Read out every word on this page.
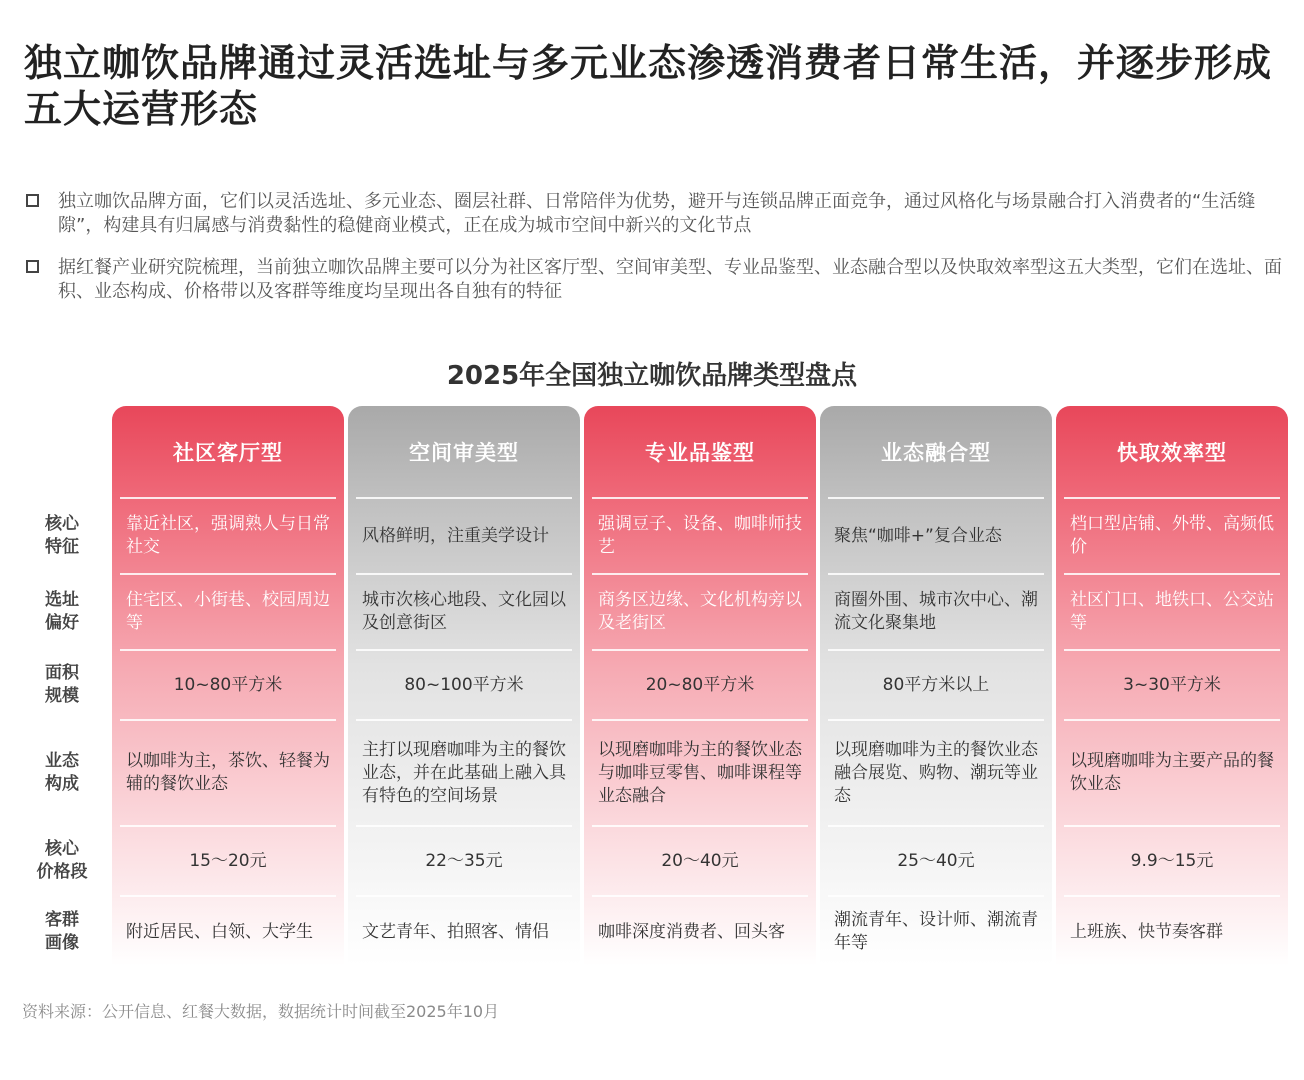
独立咖饮品牌通过灵活选址与多元业态渗透消费者日常生活，并逐步形成五大运营形态
独立咖饮品牌方面，它们以灵活选址、多元业态、圈层社群、日常陪伴为优势，避开与连锁品牌正面竞争，通过风格化与场景融合打入消费者的“生活缝隙”，构建具有归属感与消费黏性的稳健商业模式，正在成为城市空间中新兴的文化节点
据红餐产业研究院梳理，当前独立咖饮品牌主要可以分为社区客厅型、空间审美型、专业品鉴型、业态融合型以及快取效率型这五大类型，它们在选址、面积、业态构成、价格带以及客群等维度均呈现出各自独有的特征
2025年全国独立咖饮品牌类型盘点
核心
特征
选址
偏好
面积
规模
业态
构成
核心
价格段
客群
画像
社区客厅型
靠近社区，强调熟人与日常社交
住宅区、小街巷、校园周边等
10~80平方米
以咖啡为主，茶饮、轻餐为辅的餐饮业态
15～20元
附近居民、白领、大学生
空间审美型
风格鲜明，注重美学设计
城市次核心地段、文化园以及创意街区
80~100平方米
主打以现磨咖啡为主的餐饮业态，并在此基础上融入具有特色的空间场景
22～35元
文艺青年、拍照客、情侣
专业品鉴型
强调豆子、设备、咖啡师技艺
商务区边缘、文化机构旁以及老街区
20~80平方米
以现磨咖啡为主的餐饮业态与咖啡豆零售、咖啡课程等业态融合
20～40元
咖啡深度消费者、回头客
业态融合型
聚焦“咖啡+”复合业态
商圈外围、城市次中心、潮流文化聚集地
80平方米以上
以现磨咖啡为主的餐饮业态融合展览、购物、潮玩等业态
25～40元
潮流青年、设计师、潮流青年等
快取效率型
档口型店铺、外带、高频低价
社区门口、地铁口、公交站等
3~30平方米
以现磨咖啡为主要产品的餐饮业态
9.9～15元
上班族、快节奏客群
资料来源：公开信息、红餐大数据，数据统计时间截至2025年10月
